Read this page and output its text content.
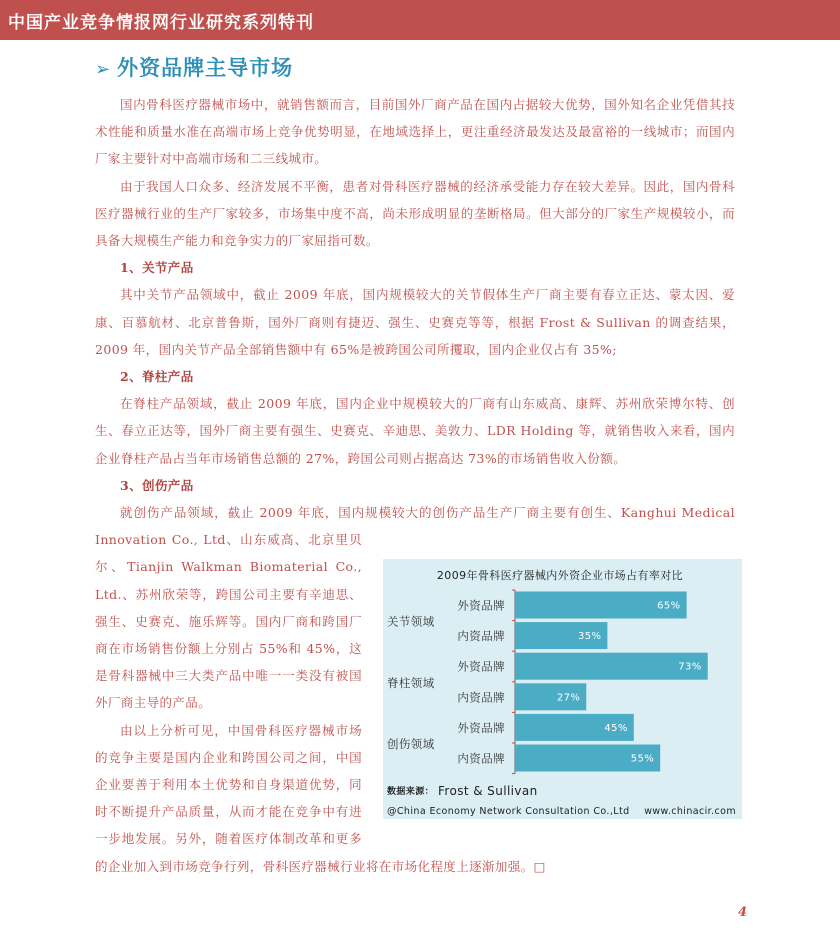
中国产业竞争情报网行业研究系列特刊
➢ 外资品牌主导市场

国内骨科医疗器械市场中，就销售额而言，目前国外厂商产品在国内占据较大优势，国外知名企业凭借其技术性能和质量水准在高端市场上竞争优势明显，在地域选择上，更注重经济最发达及最富裕的一线城市；而国内厂家主要针对中高端市场和二三线城市。

由于我国人口众多、经济发展不平衡，患者对骨科医疗器械的经济承受能力存在较大差异。因此，国内骨科医疗器械行业的生产厂家较多，市场集中度不高，尚未形成明显的垄断格局。但大部分的厂家生产规模较小，而具备大规模生产能力和竞争实力的厂家屈指可数。

1、关节产品

其中关节产品领域中，截止 2009 年底，国内规模较大的关节假体生产厂商主要有春立正达、蒙太因、爱康、百慕航材、北京普鲁斯，国外厂商则有捷迈、强生、史赛克等等，根据 Frost & Sullivan 的调查结果，2009 年，国内关节产品全部销售额中有 65%是被跨国公司所攫取，国内企业仅占有 35%;

2、脊柱产品

在脊柱产品领域，截止 2009 年底，国内企业中规模较大的厂商有山东威高、康辉、苏州欣荣博尔特、创生、春立正达等，国外厂商主要有强生、史赛克、辛迪思、美敦力、LDR Holding 等，就销售收入来看，国内企业脊柱产品占当年市场销售总额的 27%，跨国公司则占据高达 73%的市场销售收入份额。

3、创伤产品
2009年骨科医疗器械内外资企业市场占有率对比
65%
外资品牌
35%
内资品牌
73%
外资品牌
27%
内资品牌
45%
外资品牌
55%
内资品牌
关节领域
脊柱领域
创伤领域
数据来源： Frost & Sullivan
@China Economy Network Consultation Co.,Ltd www.chinacir.com

就创伤产品领域，截止 2009 年底，国内规模较大的创伤产品生产厂商主要有创生、Kanghui Medical Innovation Co., Ltd、山东威高、北京里贝尔、Tianjin Walkman Biomaterial Co., Ltd.、苏州欣荣等，跨国公司主要有辛迪思、强生、史赛克、施乐辉等。国内厂商和跨国厂商在市场销售份额上分别占 55%和 45%，这是骨科器械中三大类产品中唯一一类没有被国外厂商主导的产品。

由以上分析可见，中国骨科医疗器械市场的竞争主要是国内企业和跨国公司之间，中国企业要善于利用本土优势和自身渠道优势，同时不断提升产品质量，从而才能在竞争中有进一步地发展。另外，随着医疗体制改革和更多的企业加入到市场竞争行列，骨科医疗器械行业将在市场化程度上逐渐加强。□

4
